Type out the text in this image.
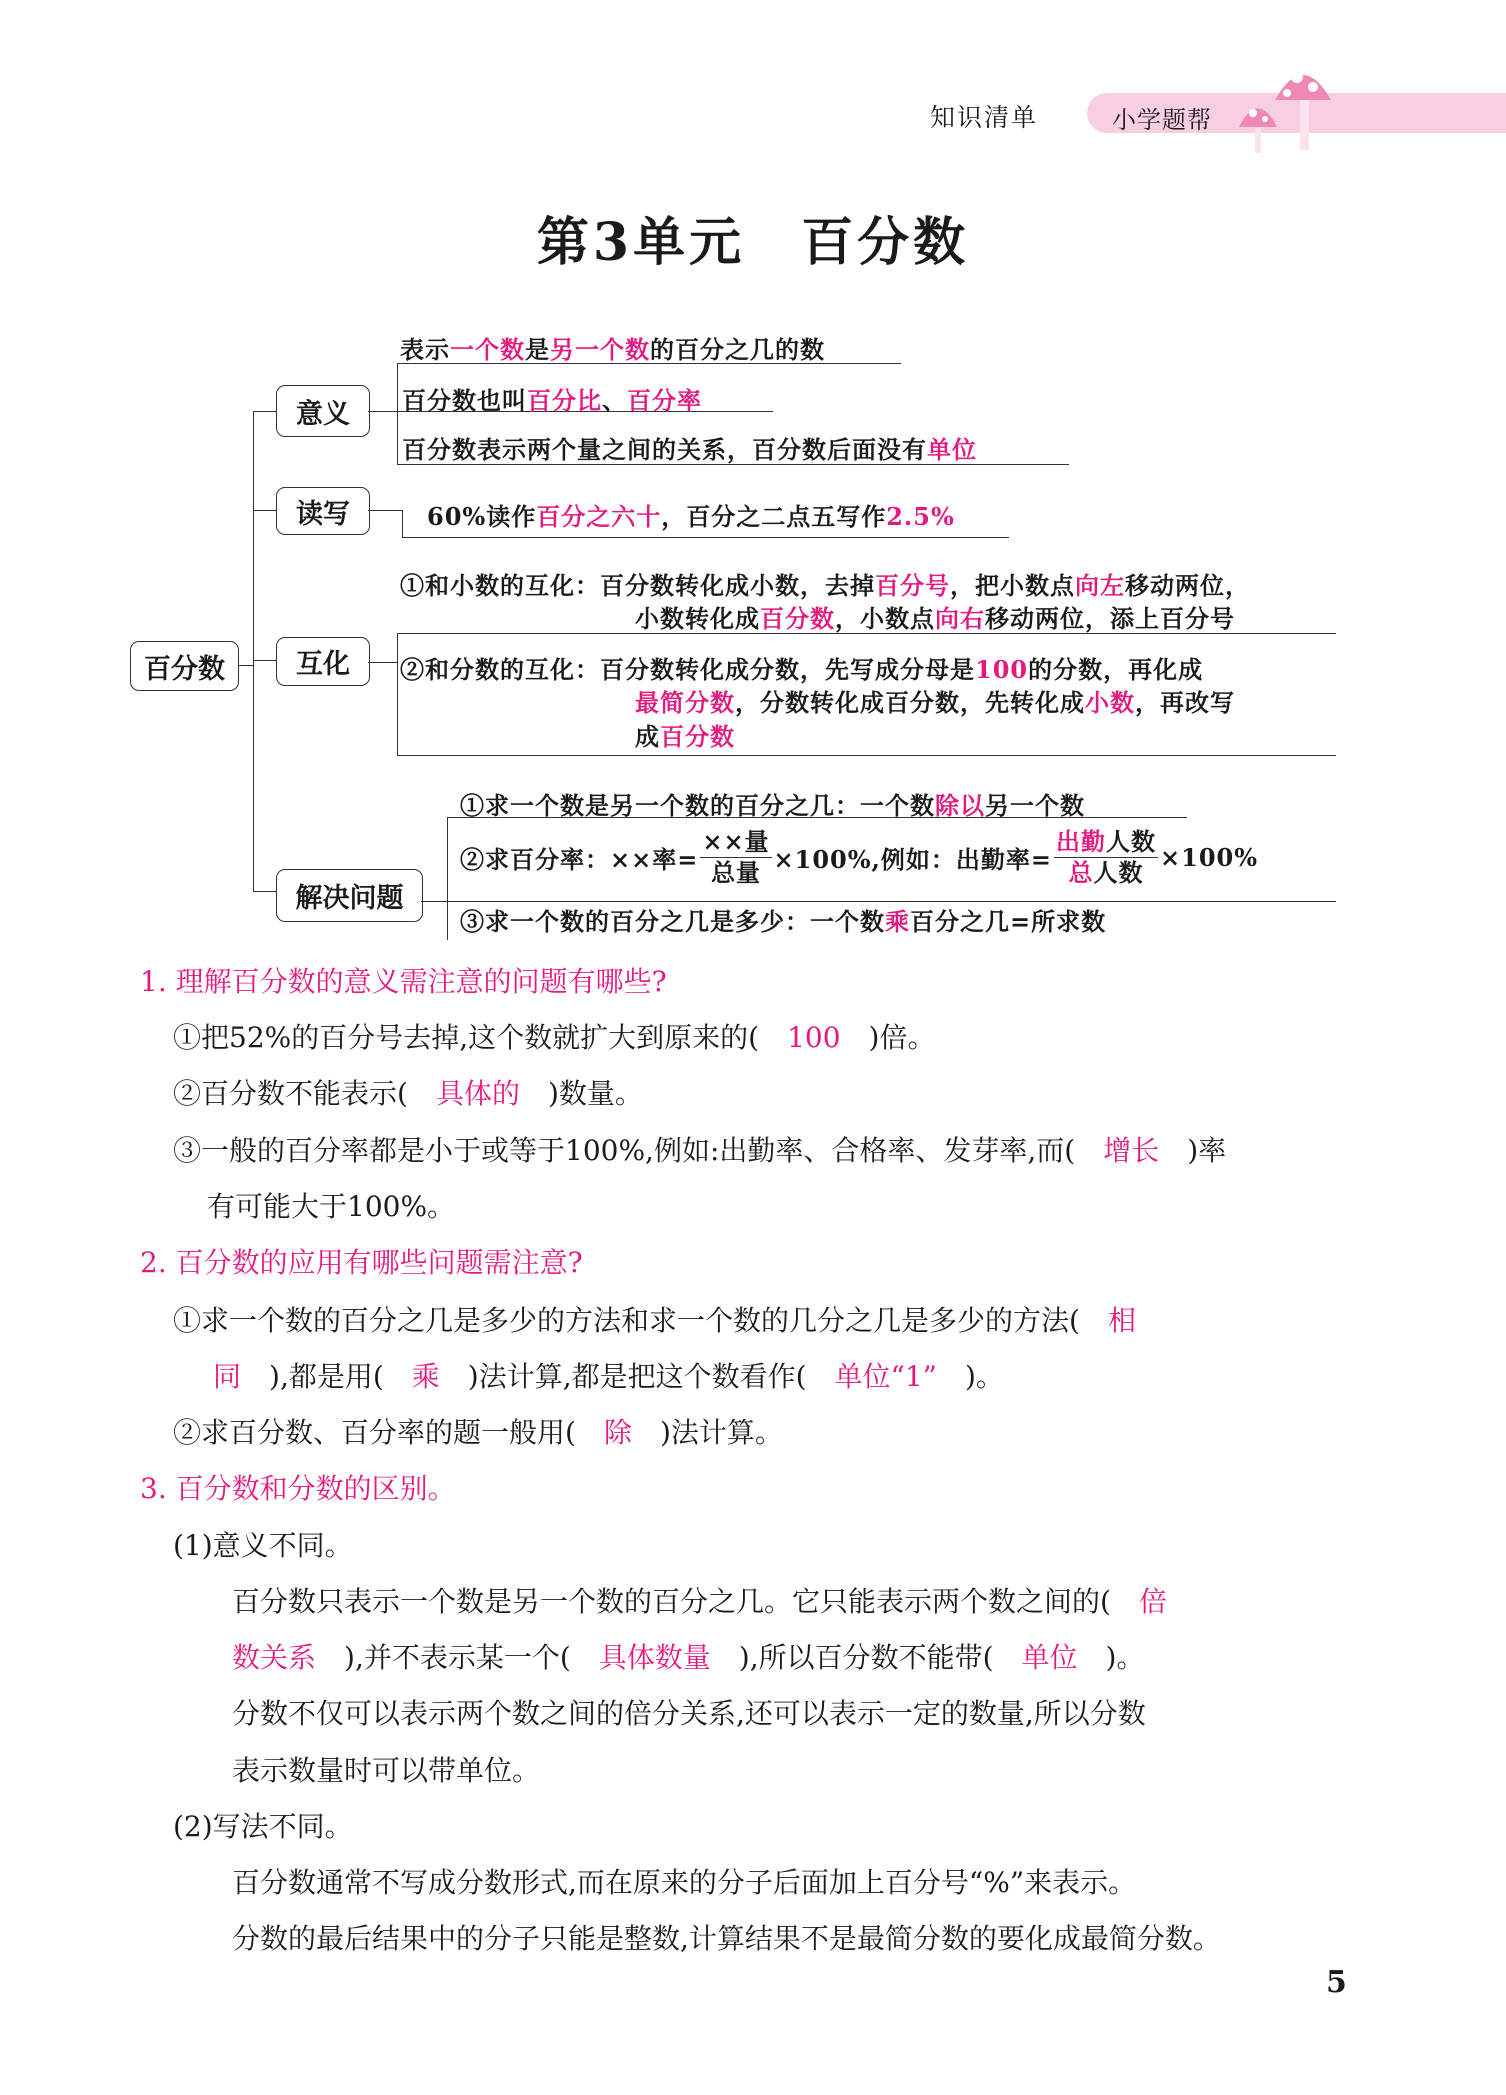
知识清单	小学题帮
第3单元　百分数
百分数
意义
读写
互化
解决问题
表示一个数是另一个数的百分之几的数
百分数也叫百分比、百分率
百分数表示两个量之间的关系，百分数后面没有单位
60%读作百分之六十，百分之二点五写作2.5%
①和小数的互化：百分数转化成小数，去掉百分号，把小数点向左移动两位，
小数转化成百分数，小数点向右移动两位，添上百分号
②和分数的互化：百分数转化成分数，先写成分母是100的分数，再化成
最简分数，分数转化成百分数，先转化成小数，再改写
成百分数
①求一个数是另一个数的百分之几：一个数除以另一个数
②求百分率：××率= $\frac{\text{××量}}{\text{总量}} \times 100\%$,例如：出勤率= $\frac{\text{出勤人数}}{\text{总人数}} \times 100\%$
③求一个数的百分之几是多少：一个数乘百分之几=所求数
1. 理解百分数的意义需注意的问题有哪些?
①把52%的百分号去掉,这个数就扩大到原来的(　100　)倍。
②百分数不能表示(　具体的　)数量。
③一般的百分率都是小于或等于100%,例如:出勤率、合格率、发芽率,而(　增长　)率
有可能大于100%。
2. 百分数的应用有哪些问题需注意?
①求一个数的百分之几是多少的方法和求一个数的几分之几是多少的方法(　相
同　),都是用(　乘　)法计算,都是把这个数看作(　单位“1”　)。
②求百分数、百分率的题一般用(　除　)法计算。
3. 百分数和分数的区别。
(1)意义不同。
百分数只表示一个数是另一个数的百分之几。它只能表示两个数之间的(　倍
数关系　),并不表示某一个(　具体数量　),所以百分数不能带(　单位　)。
分数不仅可以表示两个数之间的倍分关系,还可以表示一定的数量,所以分数
表示数量时可以带单位。
(2)写法不同。
百分数通常不写成分数形式,而在原来的分子后面加上百分号“%”来表示。
分数的最后结果中的分子只能是整数,计算结果不是最简分数的要化成最简分数。
5
